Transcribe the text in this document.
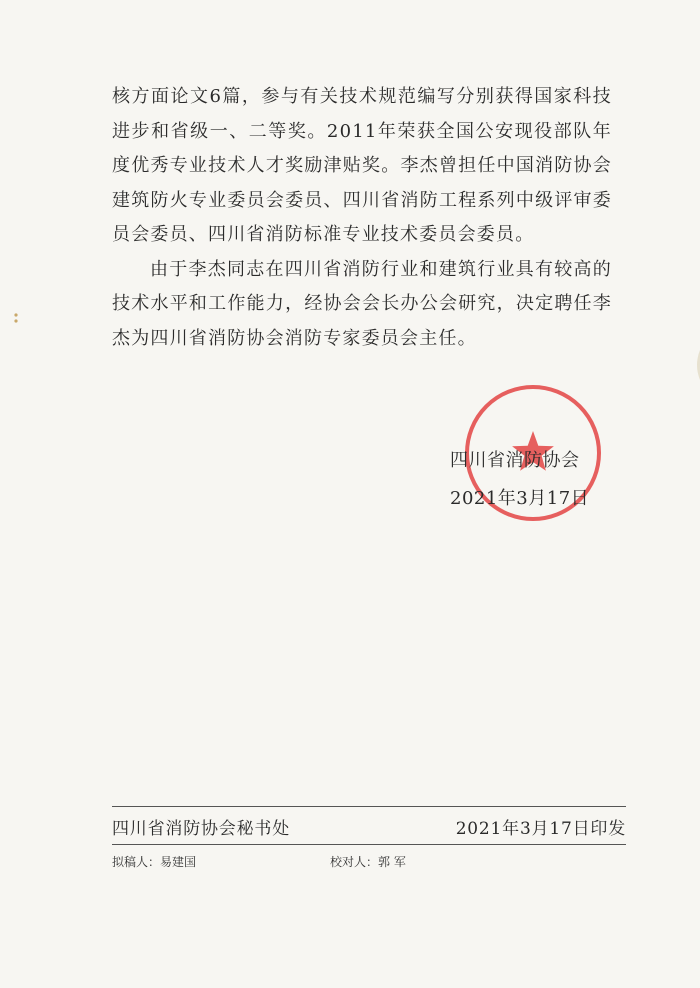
核方面论文6篇，参与有关技术规范编写分别获得国家科技进步和省级一、二等奖。2011年荣获全国公安现役部队年度优秀专业技术人才奖励津贴奖。李杰曾担任中国消防协会建筑防火专业委员会委员、四川省消防工程系列中级评审委员会委员、四川省消防标准专业技术委员会委员。

由于李杰同志在四川省消防行业和建筑行业具有较高的技术水平和工作能力，经协会会长办公会研究，决定聘任李杰为四川省消防协会消防专家委员会主任。

四川省消防协会
2021年3月17日
四川省消防协会秘书处	2021年3月17日印发
拟稿人：易建国	校对人：郭 军
